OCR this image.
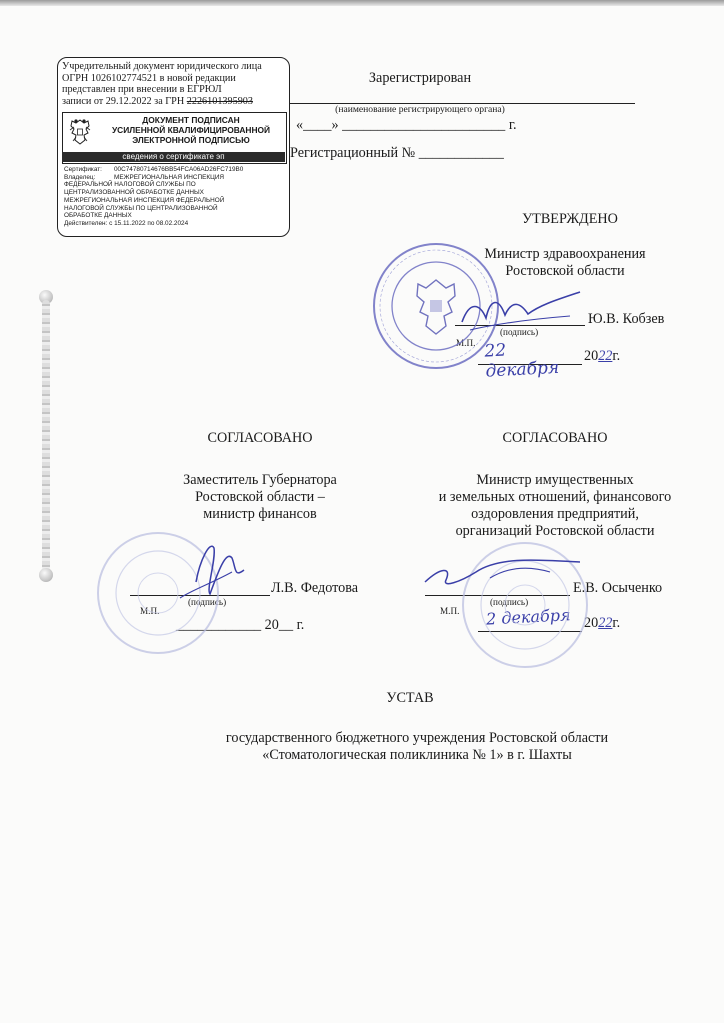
Учредительный документ юридического лица
ОГРН 1026102774521 в новой редакции
представлен при внесении в ЕГРЮЛ
записи от 29.12.2022 за ГРН 2226101395903
ДОКУМЕНТ ПОДПИСАН
УСИЛЕННОЙ КВАЛИФИЦИРОВАННОЙ
ЭЛЕКТРОННОЙ ПОДПИСЬЮ
сведения о сертификате эп
Сертификат: 00C74780714676BB54FCA06AD26FC719B0
Владелец:	МЕЖРЕГИОНАЛЬНАЯ ИНСПЕКЦИЯ
ФЕДЕРАЛЬНОЙ НАЛОГОВОЙ СЛУЖБЫ ПО
ЦЕНТРАЛИЗОВАННОЙ ОБРАБОТКЕ ДАННЫХ
МЕЖРЕГИОНАЛЬНАЯ ИНСПЕКЦИЯ ФЕДЕРАЛЬНОЙ
НАЛОГОВОЙ СЛУЖБЫ ПО ЦЕНТРАЛИЗОВАННОЙ
ОБРАБОТКЕ ДАННЫХ
Действителен: с 15.11.2022 по 08.02.2024
Зарегистрирован
(наименование регистрирующего органа)
«____» _______________________ г.
Регистрационный № ____________
УТВЕРЖДЕНО
Министр здравоохранения
Ростовской области
Ю.В. Кобзев
(подпись)
М.П. 22 декабря
2022г.
СОГЛАСОВАНО
Заместитель Губернатора
Ростовской области –
министр финансов
Л.В. Федотова
(подпись)
М.П.
____________ 20__ г.
СОГЛАСОВАНО
Министр имущественных
и земельных отношений, финансового
оздоровления предприятий,
организаций Ростовской области
Е.В. Осыченко
(подпись)
М.П.	2 декабря 2022г.
УСТАВ
государственного бюджетного учреждения Ростовской области
«Стоматологическая поликлиника № 1» в г. Шахты
